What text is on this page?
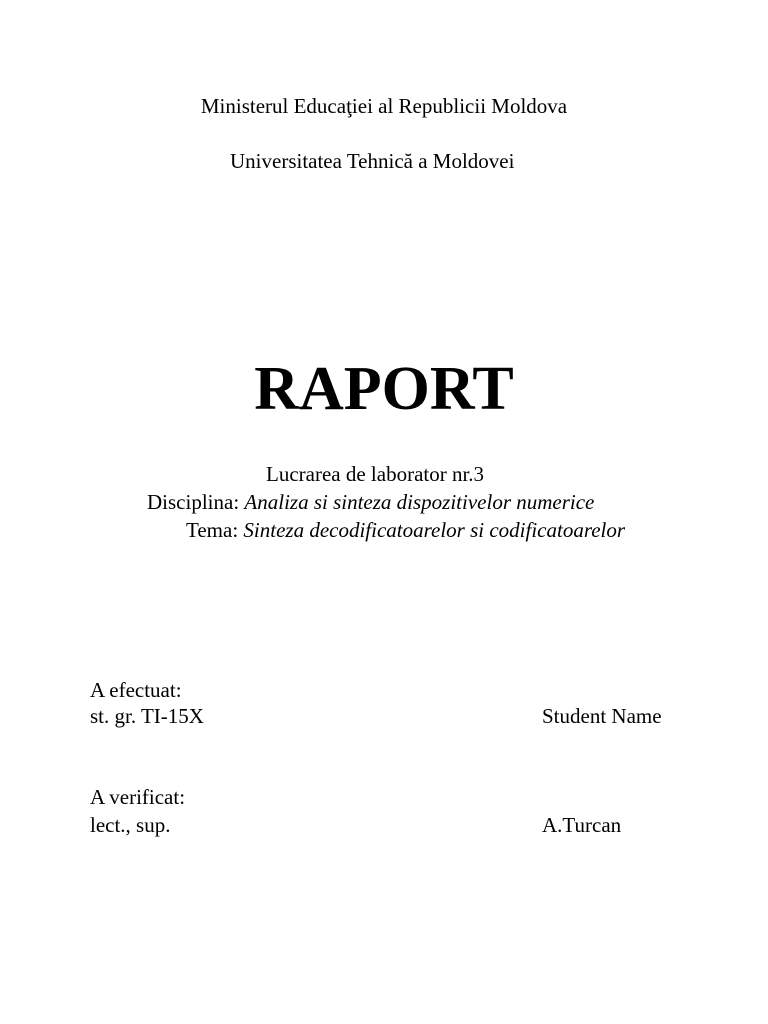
Ministerul Educaţiei al Republicii Moldova
Universitatea Tehnică a Moldovei
RAPORT
Lucrarea de laborator nr.3
Disciplina: Analiza si sinteza dispozitivelor numerice
Tema: Sinteza decodificatoarelor si codificatoarelor
A efectuat:
st. gr. TI-15X	Student Name
A verificat:
lect., sup.	A.Turcan
